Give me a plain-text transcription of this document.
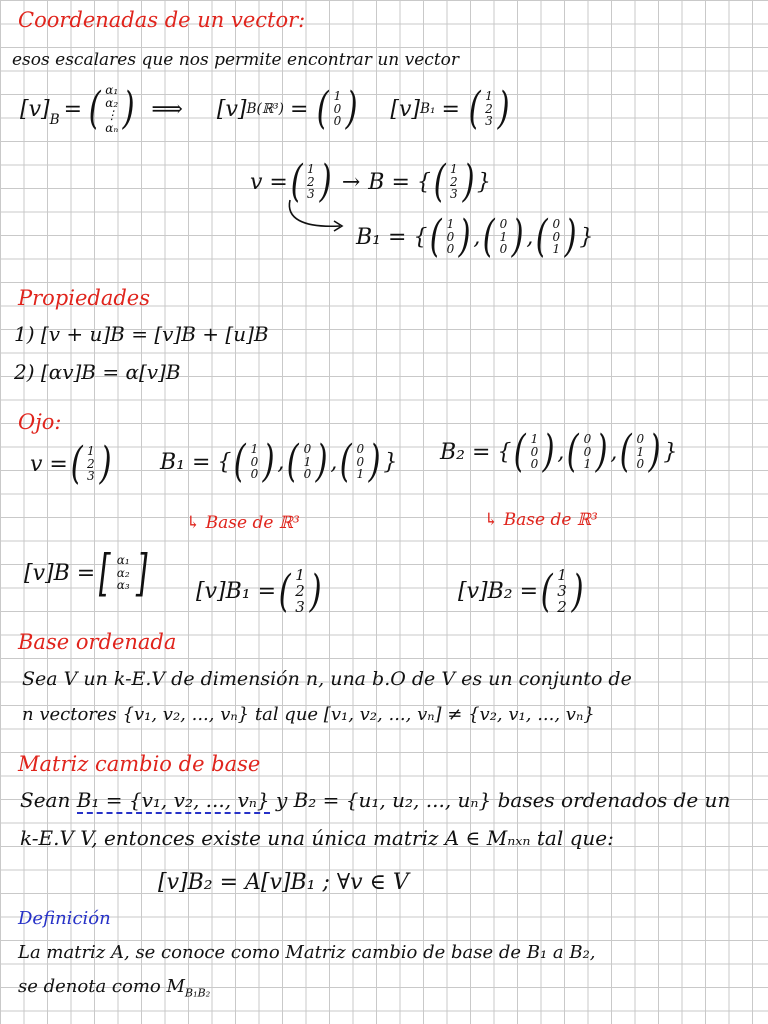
Coordenadas de un vector:
esos escalares que nos permite encontrar un vector
$[v]_B$ = ( α₁
α₂
⋮
αₙ ) ⟹ [v] B(ℝ³) = ( 1
0
0 ) [v] B₁ = ( 1
2
3 )
v = ( 1
2
3 ) → B = { ( 1
2
3 ) }
B₁ = { ( 1
0
0 ) , ( 0
1
0 ) , ( 0
0
1 ) }
Propiedades
1) [v + u]B = [v]B + [u]B
2) [αv]B = α[v]B
Ojo:
v = ( 1
2
3 ) B₁ = { ( 1
0
0 ) , ( 0
1
0 ) , ( 0
0
1 ) } B₂ = { ( 1
0
0 ) , ( 0
0
1 ) , ( 0
1
0 ) }
↳ Base de ℝ³	↳ Base de ℝ³
[v]B = [ α₁
α₂
α₃ ] [v]B₁ = ( 1
2
3 )	[v]B₂ = ( 1
3
2 )
Base ordenada
Sea V un k-E.V de dimensión n, una b.O de V es un conjunto de
n vectores {v₁, v₂, ..., vₙ} tal que [v₁, v₂, ..., vₙ] ≠ {v₂, v₁, ..., vₙ}
Matriz cambio de base
Sean B₁ = {v₁, v₂, ..., vₙ} y B₂ = {u₁, u₂, ..., uₙ} bases ordenados de un
k-E.V V, entonces existe una única matriz A ∈ Mₙₓₙ tal que:
[v]B₂ = A[v]B₁ ; ∀v ∈ V
Definición
La matriz A, se conoce como Matriz cambio de base de B₁ a B₂,
se denota como $M_{B_1B_2}$
